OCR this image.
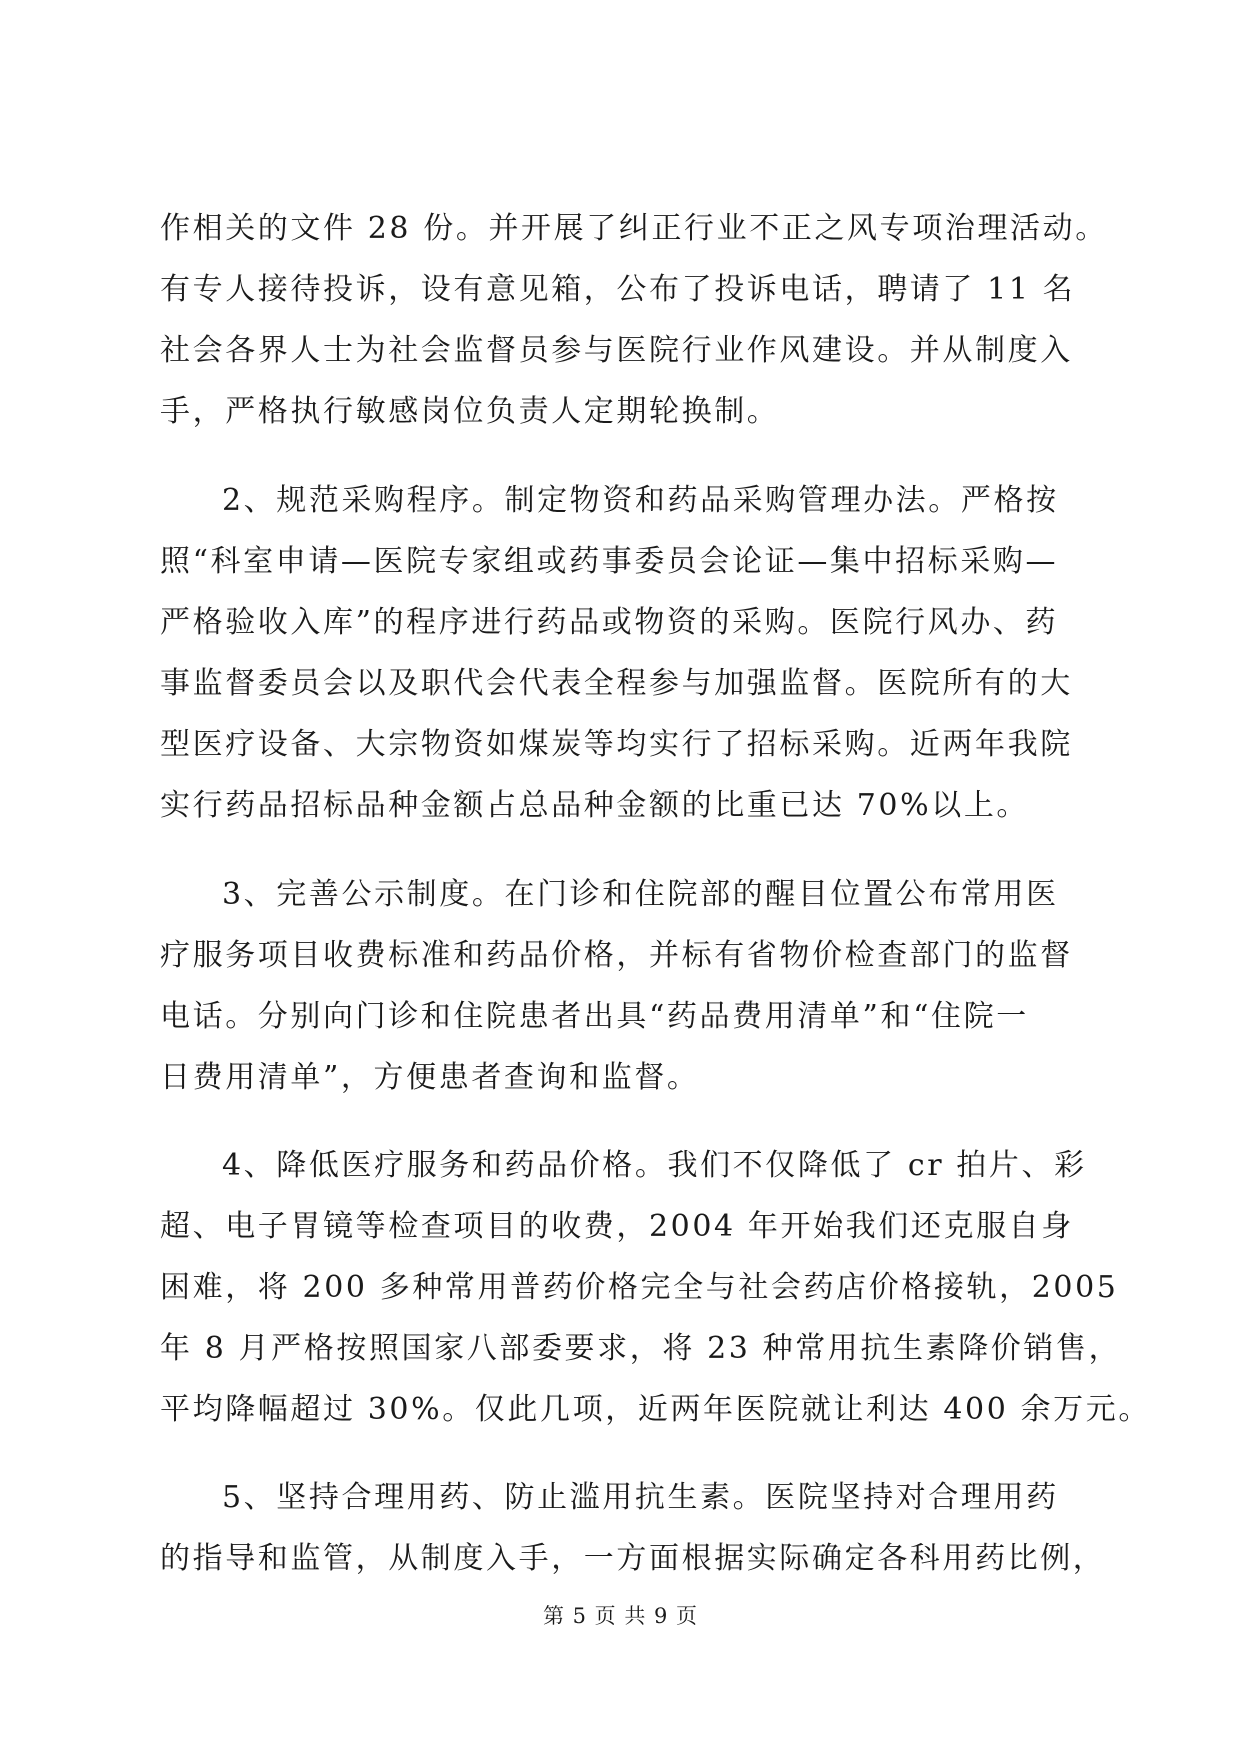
作相关的文件 28 份。并开展了纠正行业不正之风专项治理活动。
有专人接待投诉，设有意见箱，公布了投诉电话，聘请了 11 名
社会各界人士为社会监督员参与医院行业作风建设。并从制度入
手，严格执行敏感岗位负责人定期轮换制。
2、规范采购程序。制定物资和药品采购管理办法。严格按
照“科室申请—医院专家组或药事委员会论证—集中招标采购—
严格验收入库”的程序进行药品或物资的采购。医院行风办、药
事监督委员会以及职代会代表全程参与加强监督。医院所有的大
型医疗设备、大宗物资如煤炭等均实行了招标采购。近两年我院
实行药品招标品种金额占总品种金额的比重已达 70%以上。
3、完善公示制度。在门诊和住院部的醒目位置公布常用医
疗服务项目收费标准和药品价格，并标有省物价检查部门的监督
电话。分别向门诊和住院患者出具“药品费用清单”和“住院一
日费用清单”，方便患者查询和监督。
4、降低医疗服务和药品价格。我们不仅降低了 cr 拍片、彩
超、电子胃镜等检查项目的收费，2004 年开始我们还克服自身
困难，将 200 多种常用普药价格完全与社会药店价格接轨，2005
年 8 月严格按照国家八部委要求，将 23 种常用抗生素降价销售，
平均降幅超过 30%。仅此几项，近两年医院就让利达 400 余万元。
5、坚持合理用药、防止滥用抗生素。医院坚持对合理用药
的指导和监管，从制度入手，一方面根据实际确定各科用药比例，
第 5 页 共 9 页
